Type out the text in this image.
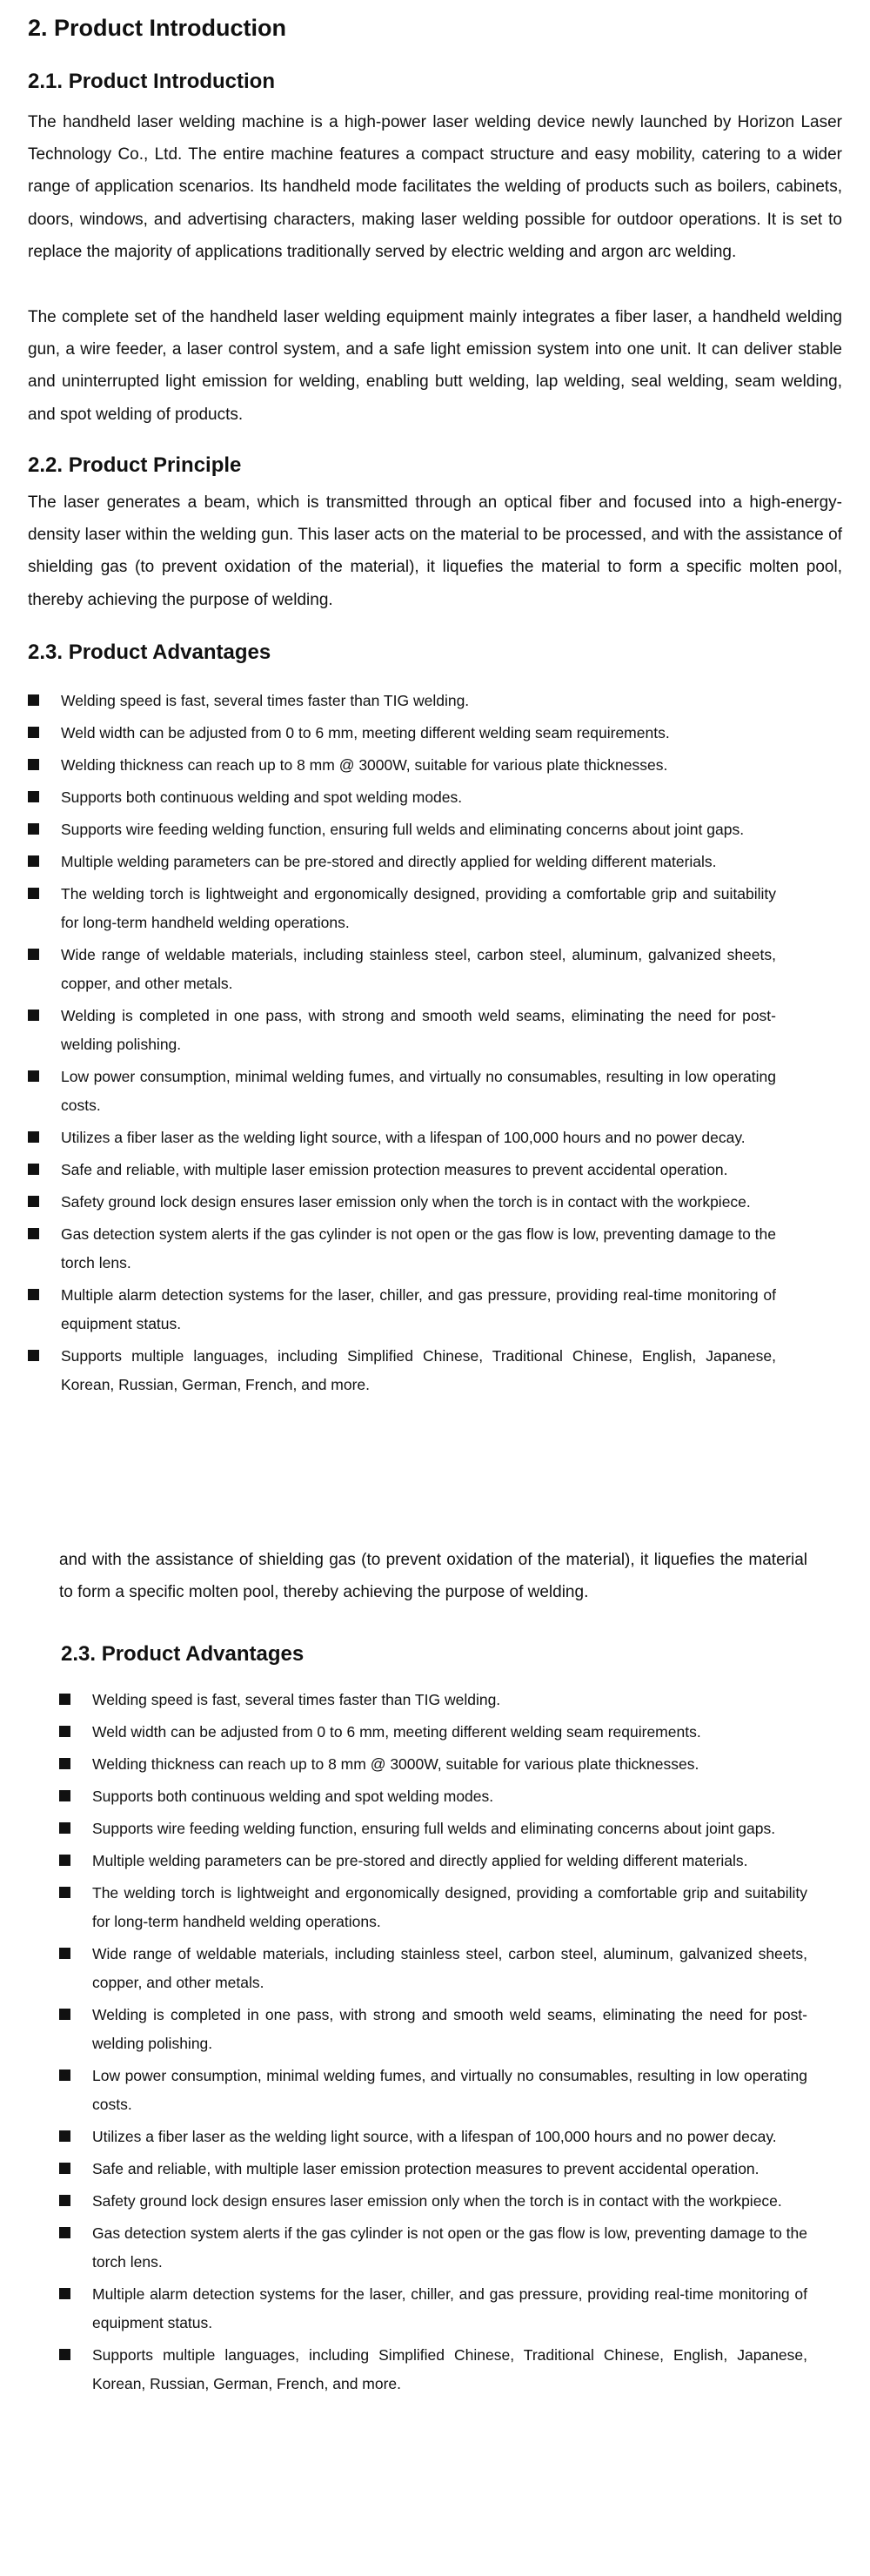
2. Product Introduction
2.1. Product Introduction

The handheld laser welding machine is a high-power laser welding device newly launched by Horizon Laser Technology Co., Ltd. The entire machine features a compact structure and easy mobility, catering to a wider range of application scenarios. Its handheld mode facilitates the welding of products such as boilers, cabinets, doors, windows, and advertising characters, making laser welding possible for outdoor operations. It is set to replace the majority of applications traditionally served by electric welding and argon arc welding.

The complete set of the handheld laser welding equipment mainly integrates a fiber laser, a handheld welding gun, a wire feeder, a laser control system, and a safe light emission system into one unit. It can deliver stable and uninterrupted light emission for welding, enabling butt welding, lap welding, seal welding, seam welding, and spot welding of products.

2.2. Product Principle

The laser generates a beam, which is transmitted through an optical fiber and focused into a high-energy-density laser within the welding gun. This laser acts on the material to be processed, and with the assistance of shielding gas (to prevent oxidation of the material), it liquefies the material to form a specific molten pool, thereby achieving the purpose of welding.

2.3. Product Advantages
Welding speed is fast, several times faster than TIG welding.
Weld width can be adjusted from 0 to 6 mm, meeting different welding seam requirements.
Welding thickness can reach up to 8 mm @ 3000W, suitable for various plate thicknesses.
Supports both continuous welding and spot welding modes.
Supports wire feeding welding function, ensuring full welds and eliminating concerns about joint gaps.
Multiple welding parameters can be pre-stored and directly applied for welding different materials.
The welding torch is lightweight and ergonomically designed, providing a comfortable grip and suitability for long-term handheld welding operations.
Wide range of weldable materials, including stainless steel, carbon steel, aluminum, galvanized sheets, copper, and other metals.
Welding is completed in one pass, with strong and smooth weld seams, eliminating the need for post-welding polishing.
Low power consumption, minimal welding fumes, and virtually no consumables, resulting in low operating costs.
Utilizes a fiber laser as the welding light source, with a lifespan of 100,000 hours and no power decay.
Safe and reliable, with multiple laser emission protection measures to prevent accidental operation.
Safety ground lock design ensures laser emission only when the torch is in contact with the workpiece.
Gas detection system alerts if the gas cylinder is not open or the gas flow is low, preventing damage to the torch lens.
Multiple alarm detection systems for the laser, chiller, and gas pressure, providing real-time monitoring of equipment status.
Supports multiple languages, including Simplified Chinese, Traditional Chinese, English, Japanese, Korean, Russian, German, French, and more.

and with the assistance of shielding gas (to prevent oxidation of the material), it liquefies the material to form a specific molten pool, thereby achieving the purpose of welding.

2.3. Product Advantages
Welding speed is fast, several times faster than TIG welding.
Weld width can be adjusted from 0 to 6 mm, meeting different welding seam requirements.
Welding thickness can reach up to 8 mm @ 3000W, suitable for various plate thicknesses.
Supports both continuous welding and spot welding modes.
Supports wire feeding welding function, ensuring full welds and eliminating concerns about joint gaps.
Multiple welding parameters can be pre-stored and directly applied for welding different materials.
The welding torch is lightweight and ergonomically designed, providing a comfortable grip and suitability for long-term handheld welding operations.
Wide range of weldable materials, including stainless steel, carbon steel, aluminum, galvanized sheets, copper, and other metals.
Welding is completed in one pass, with strong and smooth weld seams, eliminating the need for post-welding polishing.
Low power consumption, minimal welding fumes, and virtually no consumables, resulting in low operating costs.
Utilizes a fiber laser as the welding light source, with a lifespan of 100,000 hours and no power decay.
Safe and reliable, with multiple laser emission protection measures to prevent accidental operation.
Safety ground lock design ensures laser emission only when the torch is in contact with the workpiece.
Gas detection system alerts if the gas cylinder is not open or the gas flow is low, preventing damage to the torch lens.
Multiple alarm detection systems for the laser, chiller, and gas pressure, providing real-time monitoring of equipment status.
Supports multiple languages, including Simplified Chinese, Traditional Chinese, English, Japanese, Korean, Russian, German, French, and more.
